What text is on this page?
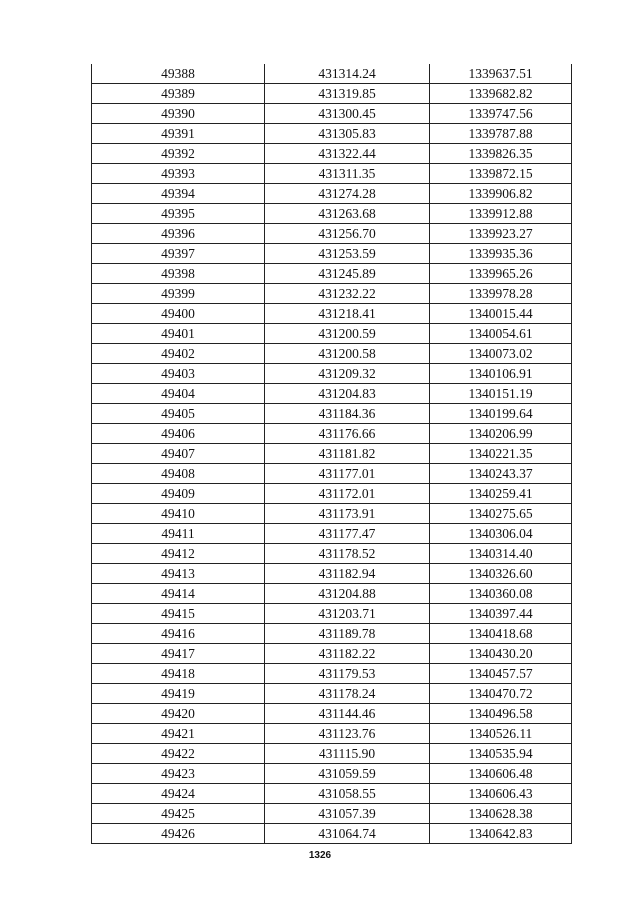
49388	431314.24	1339637.51
49389	431319.85	1339682.82
49390	431300.45	1339747.56
49391	431305.83	1339787.88
49392	431322.44	1339826.35
49393	431311.35	1339872.15
49394	431274.28	1339906.82
49395	431263.68	1339912.88
49396	431256.70	1339923.27
49397	431253.59	1339935.36
49398	431245.89	1339965.26
49399	431232.22	1339978.28
49400	431218.41	1340015.44
49401	431200.59	1340054.61
49402	431200.58	1340073.02
49403	431209.32	1340106.91
49404	431204.83	1340151.19
49405	431184.36	1340199.64
49406	431176.66	1340206.99
49407	431181.82	1340221.35
49408	431177.01	1340243.37
49409	431172.01	1340259.41
49410	431173.91	1340275.65
49411	431177.47	1340306.04
49412	431178.52	1340314.40
49413	431182.94	1340326.60
49414	431204.88	1340360.08
49415	431203.71	1340397.44
49416	431189.78	1340418.68
49417	431182.22	1340430.20
49418	431179.53	1340457.57
49419	431178.24	1340470.72
49420	431144.46	1340496.58
49421	431123.76	1340526.11
49422	431115.90	1340535.94
49423	431059.59	1340606.48
49424	431058.55	1340606.43
49425	431057.39	1340628.38
49426	431064.74	1340642.83
1326
